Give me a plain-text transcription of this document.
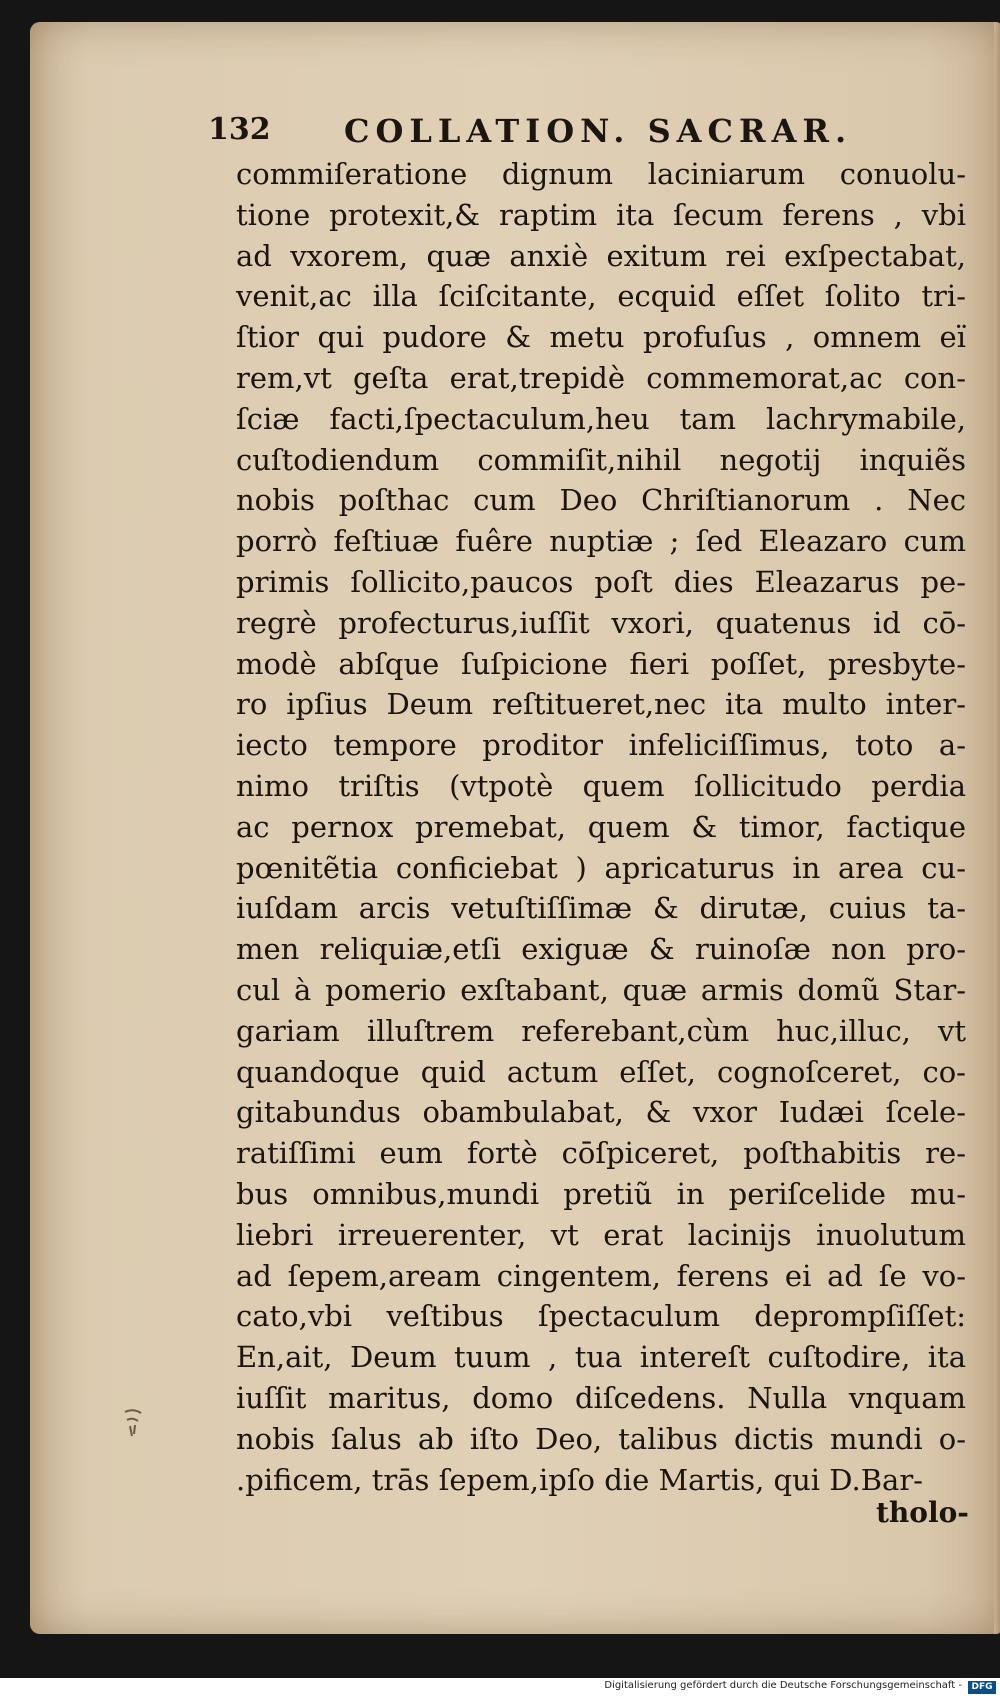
132 COLLATION. SACRAR.
commiſeratione dignum laciniarum conuolu-
tione protexit,& raptim ita ſecum ferens , vbi
ad vxorem, quæ anxiè exitum rei exſpectabat,
venit,ac illa ſciſcitante, ecquid eſſet ſolito tri-
ſtior qui pudore & metu profuſus , omnem eï
rem,vt geſta erat,trepidè commemorat,ac con-
ſciæ facti,ſpectaculum,heu tam lachrymabile,
cuſtodiendum commiſit,nihil negotij inquiẽs
nobis poſthac cum Deo Chriſtianorum . Nec
porrò feſtiuæ fuêre nuptiæ ; ſed Eleazaro cum
primis ſollicito,paucos poſt dies Eleazarus pe-
regrè profecturus,iuſſit vxori, quatenus id cō-
modè abſque ſuſpicione fieri poſſet, presbyte-
ro ipſius Deum reſtitueret,nec ita multo inter-
iecto tempore proditor infeliciſſimus, toto a-
nimo triſtis (vtpotè quem ſollicitudo perdia
ac pernox premebat, quem & timor, factique
pœnitẽtia conficiebat ) apricaturus in area cu-
iuſdam arcis vetuſtiſſimæ & dirutæ, cuius ta-
men reliquiæ,etſi exiguæ & ruinoſæ non pro-
cul à pomerio exſtabant, quæ armis domũ Star-
gariam illuſtrem referebant,cùm huc,illuc, vt
quandoque quid actum eſſet, cognoſceret, co-
gitabundus obambulabat, & vxor Iudæi ſcele-
ratiſſimi eum fortè cōſpiceret, poſthabitis re-
bus omnibus,mundi pretiũ in periſcelide mu-
liebri irreuerenter, vt erat lacinijs inuolutum
ad ſepem,aream cingentem, ferens ei ad ſe vo-
cato,vbi veſtibus ſpectaculum deprompſiſſet:
En,ait, Deum tuum , tua intereſt cuſtodire, ita
iuſſit maritus, domo diſcedens. Nulla vnquam
nobis ſalus ab iſto Deo, talibus dictis mundi o-
.pificem, trās ſepem,ipſo die Martis, qui D.Bar-
tholo-
Digitalisierung gefördert durch die Deutsche Forschungsgemeinschaft -	DFG
